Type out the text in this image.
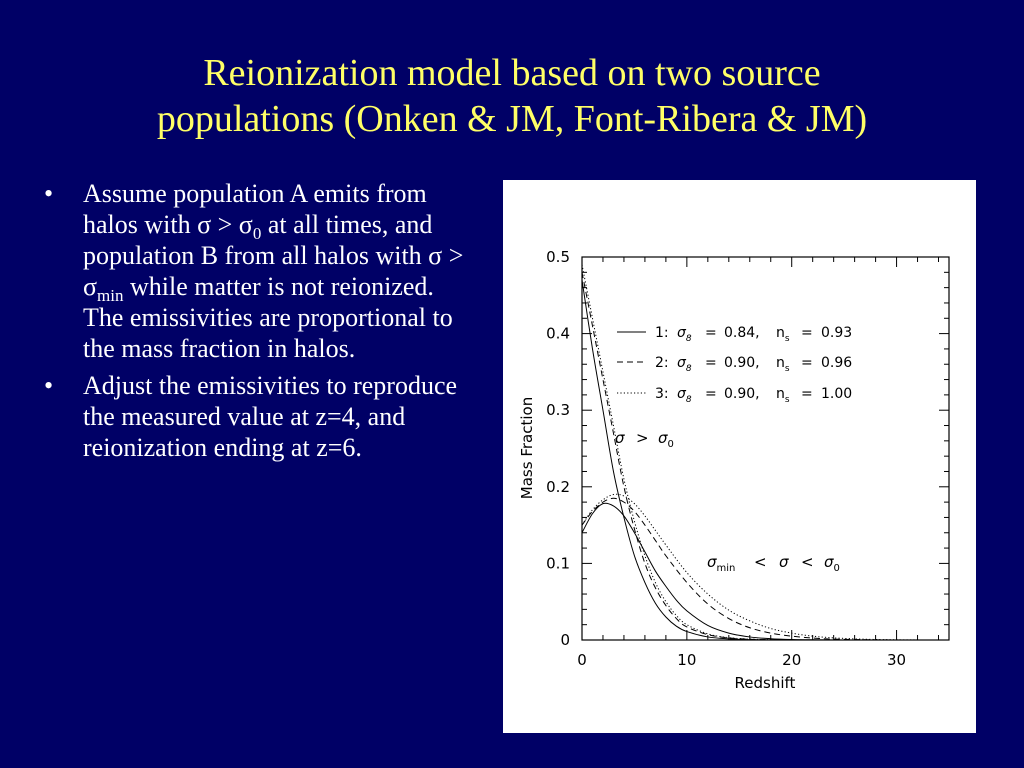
Reionization model based on two source
populations (Onken & JM, Font-Ribera & JM)
• Assume population A emits from halos with $\sigma > \sigma_0$ at all times, and population B from all halos with $\sigma > \sigma_{min}$ while matter is not reionized. The emissivities are proportional to the mass fraction in halos.
• Adjust the emissivities to reproduce the measured value at z=4, and reionization ending at z=6.
0	10	20	30
0
0.1
0.2
0.3
0.4
0.5
Redshift
Mass Fraction
1: $\sigma_8 = 0.84$, $n_s = 0.93$
2: $\sigma_8 = 0.90$, $n_s = 0.96$
3: $\sigma_8 = 0.90$, $n_s = 1.00$
$\sigma > \sigma_0$
$\sigma_{min} < \sigma < \sigma_0$
